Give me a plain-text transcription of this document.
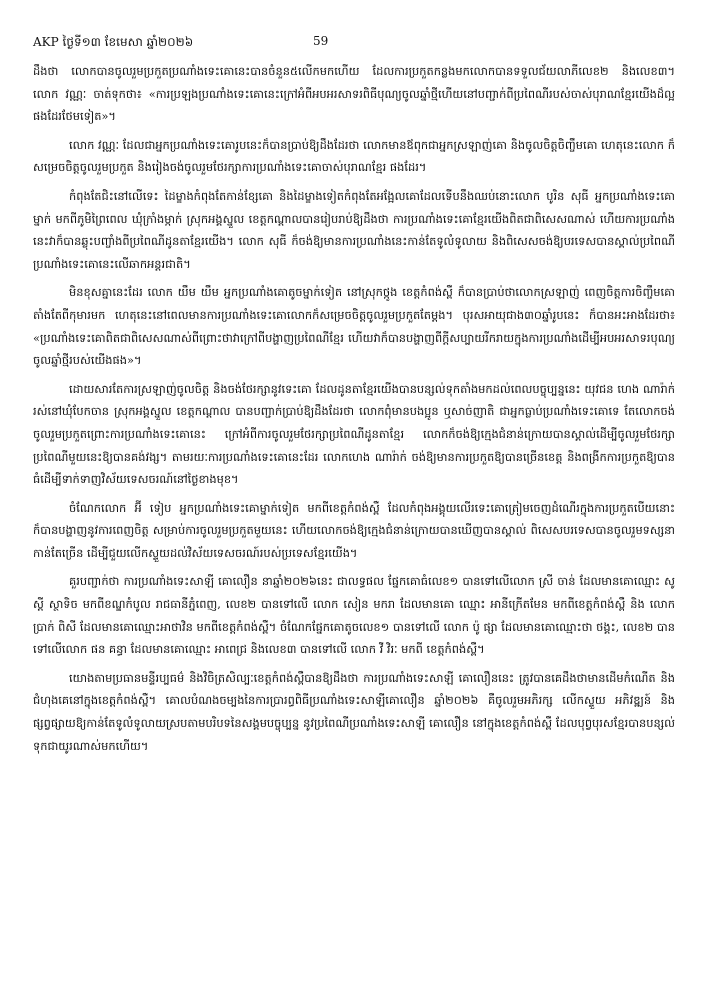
AKP ថ្ងៃទី១៣ ខែមេសា ឆ្នាំ២០២៦	59

ដឹងថា លោកបានចូលរួមប្រកួតប្រណាំងទេះគោនេះបានចំនួន៥លើកមកហើយ ដែលការប្រកួតកន្លងមកលោកបានទទួលជ័យលាភីលេខ២ និងលេខ៣។ លោក វណ្ណៈ ចាត់ទុកថា៖ «ការប្រឡងប្រណាំងទេះគោនេះក្រៅអំពីអបអរសាទរពិធីបុណ្យចូលឆ្នាំថ្មីហើយនៅបញ្ជាក់ពីប្រពៃណីរបស់ចាស់បុរាណខ្មែរយើងដ៏ល្អផងដែរថែមទៀត»។

លោក វណ្ណៈ ដែលជាអ្នកប្រណាំងទេះគោរូបនេះក៏បានប្រាប់ឱ្យដឹងដែរថា លោកមានឪពុកជាអ្នកស្រឡាញ់គោ និងចូលចិត្តចិញ្ចឹមគោ ហេតុនេះលោក ក៏សម្រេចចិត្តចូលរួមប្រកួត និងរៀងចង់ចូលរួមថែរក្សាការប្រណាំងទេះគោចាស់បុរាណខ្មែរ ផងដែរ។

កំពុងតែជិះនៅលើទេះ ដៃម្ខាងកំពុងតែកាន់ខ្សែគោ និងដៃម្ខាងទៀតកំពុងតែអង្អែលគោដែលទើបនឹងឈប់នោះលោក បូរិន សុធី អ្នកប្រណាំងទេះគោម្នាក់ មកពីភូមិព្រៃពេល ឃុំក្រាំងម្កាក់ ស្រុកអង្គស្នួល ខេត្តកណ្ដាលបានរៀបរាប់ឱ្យដឹងថា ការប្រណាំងទេះគោខ្មែរយើងពិតជាពិសេសណាស់ ហើយការប្រណាំងនេះវាក៏បានឆ្លុះបញ្ចាំងពីប្រពៃណីដូនតាខ្មែរយើង។ លោក សុធី ក៏ចង់ឱ្យមានការប្រណាំងនេះកាន់តែទូលំទូលាយ និងពិសេសចង់ឱ្យបរទេសបានស្គាល់ប្រពៃណីប្រណាំងទេះគោនេះលើឆាកអន្តរជាតិ។

មិនខុសគ្នានេះដែរ លោក យឹម យឹម អ្នកប្រណាំងគោតូចម្នាក់ទៀត នៅស្រុកថ្កូង ខេត្តកំពង់ស្ពឺ ក៏បានប្រាប់ថាលោកស្រឡាញ់ ពេញចិត្តការចិញ្ចឹមគោតាំងតែពីកុមារមក ហេតុនេះនៅពេលមានការប្រណាំងទេះគោលោកក៏សម្រេចចិត្តចូលរួមប្រកួតតែម្ដង។ បុរសអាយុជាង៣០ឆ្នាំរូបនេះ ក៏បានអះអាងដែរថា៖ «ប្រណាំងទេះគោពិតជាពិសេសណាស់ពីព្រោះថាវាក្រៅពីបង្ហាញប្រពៃណីខ្មែរ ហើយវាក៏បានបង្ហាញពីក្ដីសប្បាយរីករាយក្នុងការប្រណាំងដើម្បីអបអរសាទរបុណ្យចូលឆ្នាំថ្មីរបស់យើងផង»។

ដោយសារតែការស្រឡាញ់ចូលចិត្ត និងចង់ថែរក្សានូវទេះគោ ដែលដូនតាខ្មែរយើងបានបន្សល់ទុកតាំងមកដល់ពេលបច្ចុប្បន្ននេះ យុវជន ហេង ណារ៉ាក់ រស់នៅឃុំបែកចាន ស្រុកអង្គស្នួល ខេត្តកណ្ដាល បានបញ្ជាក់ប្រាប់ឱ្យដឹងដែរថា លោកពុំមានបងប្អូន ឬសាច់ញាតិ ជាអ្នកធ្លាប់ប្រណាំងទេះគោទេ តែលោកចង់ចូលរួមប្រកួតព្រោះការប្រណាំងទេះគោនេះ ក្រៅអំពីការចូលរួមថែរក្សាប្រពៃណីដូនតាខ្មែរ លោកក៏ចង់ឱ្យក្មេងជំនាន់ក្រោយបានស្គាល់ដើម្បីចូលរួមថែរក្សាប្រពៃណីមួយនេះឱ្យបានគង់វង្ស។ តាមរយៈការប្រណាំងទេះគោនេះដែរ លោកហេង ណារ៉ាក់ ចង់ឱ្យមានការប្រកួតឱ្យបានច្រើនខេត្ត និងពង្រីកការប្រកួតឱ្យបានធំដើម្បីទាក់ទាញវិស័យទេសចរណ៍នៅថ្ងៃខាងមុខ។

ចំណែកលោក អ៊ី ទៀប អ្នកប្រណាំងទេះគោម្នាក់ទៀត មកពីខេត្តកំពង់ស្ពឺ ដែលកំពុងអង្គុយលើរទេះគោត្រៀមចេញដំណើរក្នុងការប្រកួតបើយនោះ ក៏បានបង្ហាញនូវការពេញចិត្ត សម្រាប់ការចូលរួមប្រកួតមួយនេះ ហើយលោកចង់ឱ្យក្មេងជំនាន់ក្រោយបានឃើញបានស្គាល់ ពិសេសបរទេសបានចូលរួមទស្សនាកាន់តែច្រើន ដើម្បីជួយលើកស្ទួយដល់វិស័យទេសចរណ៍របស់ប្រទេសខ្មែរយើង។

គួរបញ្ជាក់ថា ការប្រណាំងទេះសាឡី គោលឿន នាឆ្នាំ២០២៦នេះ ជាលទ្ធផល ផ្នែកគោធំលេខ១ បានទៅលើលោក ស្រី ចាន់ ដែលមានគោឈ្មោះ សូស្តី ស្ថាទិច មកពីខណ្ឌកំបូល រាជធានីភ្នំពេញ, លេខ២ បានទៅលើ លោក សៀន មករា ដែលមានគោ ឈ្មោះ អានីក្រើតមែន មកពីខេត្តកំពង់ស្ពឺ និង លោក ប្រាក់ ពិសី ដែលមានគោឈ្មោះអាថាវិន មកពីខេត្តកំពង់ស្ពឺ។ ចំណែកផ្នែកគោតូចលេខ១ បានទៅលើ លោក ប៉ូ ផ្សា ដែលមានគោឈ្មោះថា ថង្គះ, លេខ២ បានទៅលើលោក ផន គន្ធា ដែលមានគោឈ្មោះ អាពេជ្រ និងលេខ៣ បានទៅលើ លោក វី វិរៈ មកពី ខេត្តកំពង់ស្ពឺ។

យោងតាមប្រធានមន្ទីរប្បធម៌ និងវិចិត្រសិល្បៈខេត្តកំពង់ស្ពឺបានឱ្យដឹងថា ការប្រណាំងទេះសាឡី គោលឿននេះ ត្រូវបានគេដឹងថាមានដើមកំណើត និង ជំហុងគេនៅក្នុងខេត្តកំពង់ស្ពឺ។ គោលបំណងចម្បងនៃការប្រារព្ធពិធីប្រណាំងទេះសាឡីគោលឿន ឆ្នាំ២០២៦ គឺចូលរួមអភិរក្ស លើកស្ទួយ អភិវឌ្ឍន៍ និងផ្សព្វផ្សាយឱ្យកាន់តែទូលំទូលាយស្របតាមបរិបទនៃសង្គមបច្ចុប្បន្ន នូវប្រពៃណីប្រណាំងទេះសាឡី គោលឿន នៅក្នុងខេត្តកំពង់ស្ពឺ ដែលបុព្វបុរសខ្មែរបានបន្សល់ទុកជាយូរណាស់មកហើយ។
